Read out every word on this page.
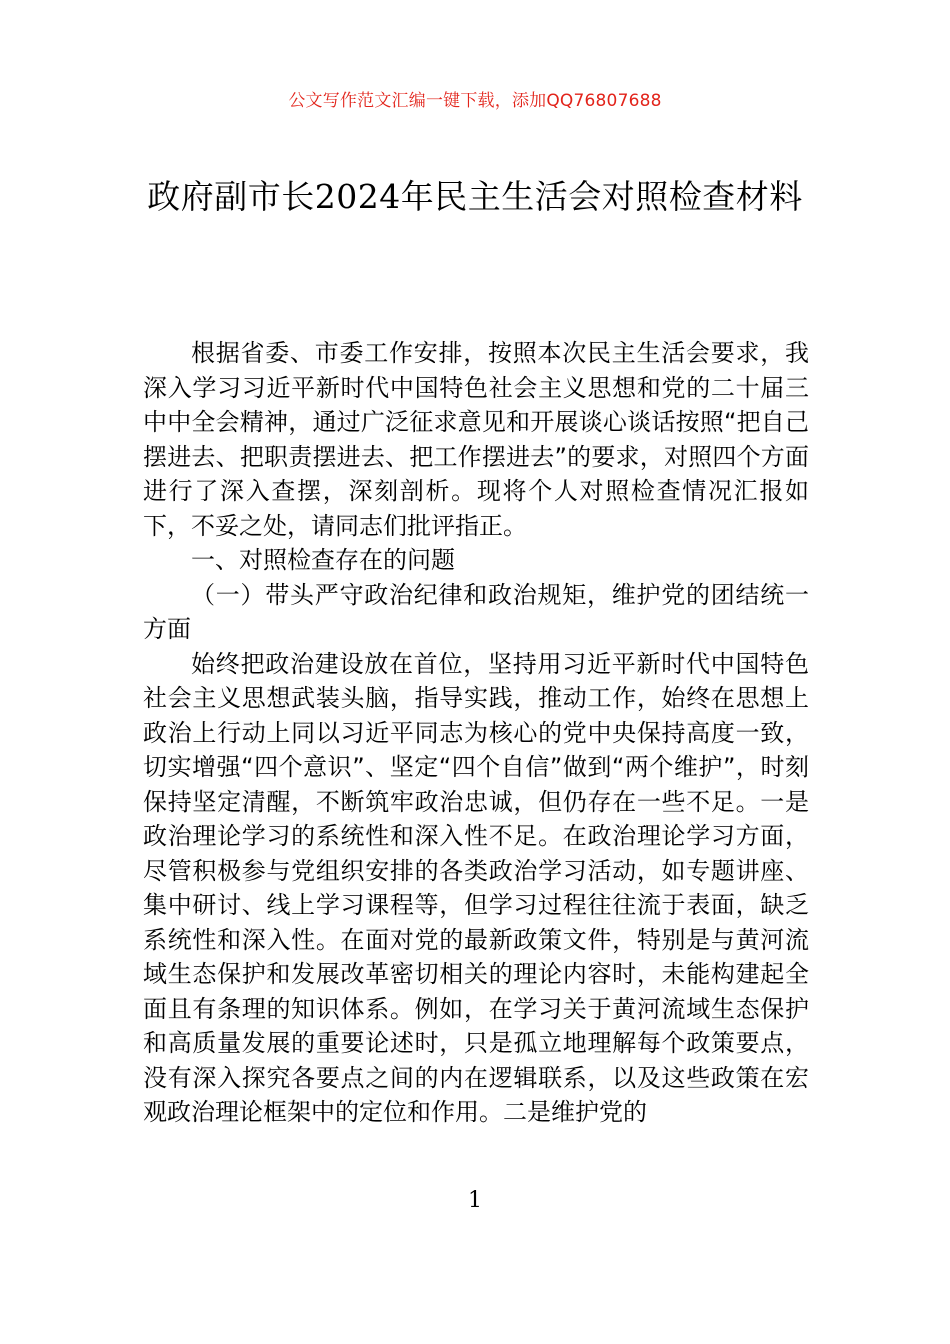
公文写作范文汇编一键下载，添加QQ76807688
政府副市长2024年民主生活会对照检查材料

根据省委、市委工作安排，按照本次民主生活会要求，我深入学习习近平新时代中国特色社会主义思想和党的二十届三中中全会精神，通过广泛征求意见和开展谈心谈话按照“把自己摆进去、把职责摆进去、把工作摆进去”的要求，对照四个方面进行了深入查摆，深刻剖析。现将个人对照检查情况汇报如下，不妥之处，请同志们批评指正。

一、对照检查存在的问题

（一）带头严守政治纪律和政治规矩，维护党的团结统一方面

始终把政治建设放在首位，坚持用习近平新时代中国特色社会主义思想武装头脑，指导实践，推动工作，始终在思想上政治上行动上同以习近平同志为核心的党中央保持高度一致，切实增强“四个意识”、坚定“四个自信”做到“两个维护”，时刻保持坚定清醒，不断筑牢政治忠诚，但仍存在一些不足。一是政治理论学习的系统性和深入性不足。在政治理论学习方面，尽管积极参与党组织安排的各类政治学习活动，如专题讲座、集中研讨、线上学习课程等，但学习过程往往流于表面，缺乏系统性和深入性。在面对党的最新政策文件，特别是与黄河流域生态保护和发展改革密切相关的理论内容时，未能构建起全面且有条理的知识体系。例如，在学习关于黄河流域生态保护和高质量发展的重要论述时，只是孤立地理解每个政策要点，没有深入探究各要点之间的内在逻辑联系，以及这些政策在宏观政治理论框架中的定位和作用。二是维护党的

1
